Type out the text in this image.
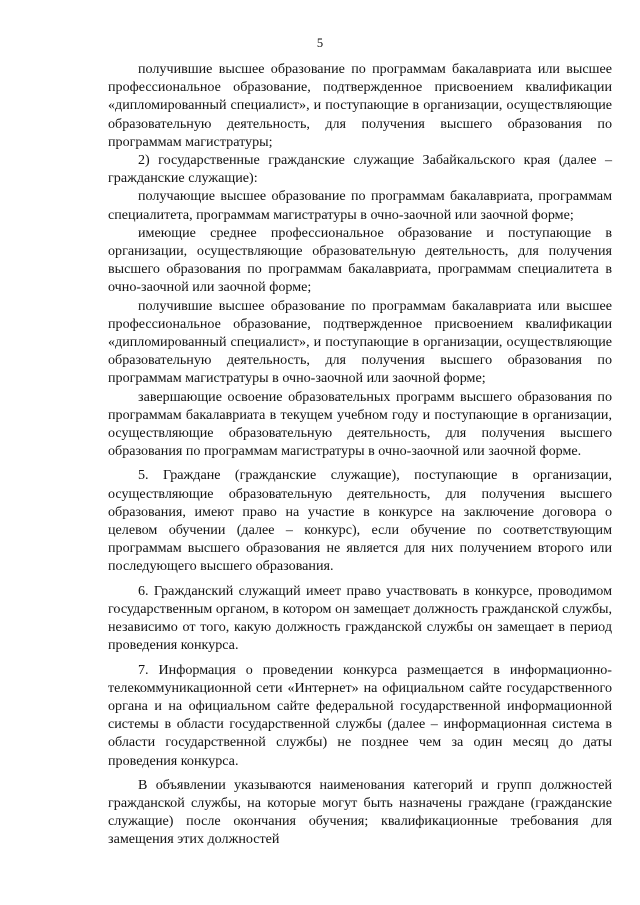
5

получившие высшее образование по программам бакалавриата или высшее профессиональное образование, подтвержденное присвоением квалификации «дипломированный специалист», и поступающие в организации, осуществляющие образовательную деятельность, для получения высшего образования по программам магистратуры;

2) государственные гражданские служащие Забайкальского края (далее – гражданские служащие):

получающие высшее образование по программам бакалавриата, программам специалитета, программам магистратуры в очно-заочной или заочной форме;

имеющие среднее профессиональное образование и поступающие в организации, осуществляющие образовательную деятельность, для получения высшего образования по программам бакалавриата, программам специалитета в очно-заочной или заочной форме;

получившие высшее образование по программам бакалавриата или высшее профессиональное образование, подтвержденное присвоением квалификации «дипломированный специалист», и поступающие в организации, осуществляющие образовательную деятельность, для получения высшего образования по программам магистратуры в очно-заочной или заочной форме;

завершающие освоение образовательных программ высшего образования по программам бакалавриата в текущем учебном году и поступающие в организации, осуществляющие образовательную деятельность, для получения высшего образования по программам магистратуры в очно-заочной или заочной форме.

5. Граждане (гражданские служащие), поступающие в организации, осуществляющие образовательную деятельность, для получения высшего образования, имеют право на участие в конкурсе на заключение договора о целевом обучении (далее – конкурс), если обучение по соответствующим программам высшего образования не является для них получением второго или последующего высшего образования.

6. Гражданский служащий имеет право участвовать в конкурсе, проводимом государственным органом, в котором он замещает должность гражданской службы, независимо от того, какую должность гражданской службы он замещает в период проведения конкурса.

7. Информация о проведении конкурса размещается в информационно-телекоммуникационной сети «Интернет» на официальном сайте государственного органа и на официальном сайте федеральной государственной информационной системы в области государственной службы (далее – информационная система в области государственной службы) не позднее чем за один месяц до даты проведения конкурса.

В объявлении указываются наименования категорий и групп должностей гражданской службы, на которые могут быть назначены граждане (гражданские служащие) после окончания обучения; квалификационные требования для замещения этих должностей
